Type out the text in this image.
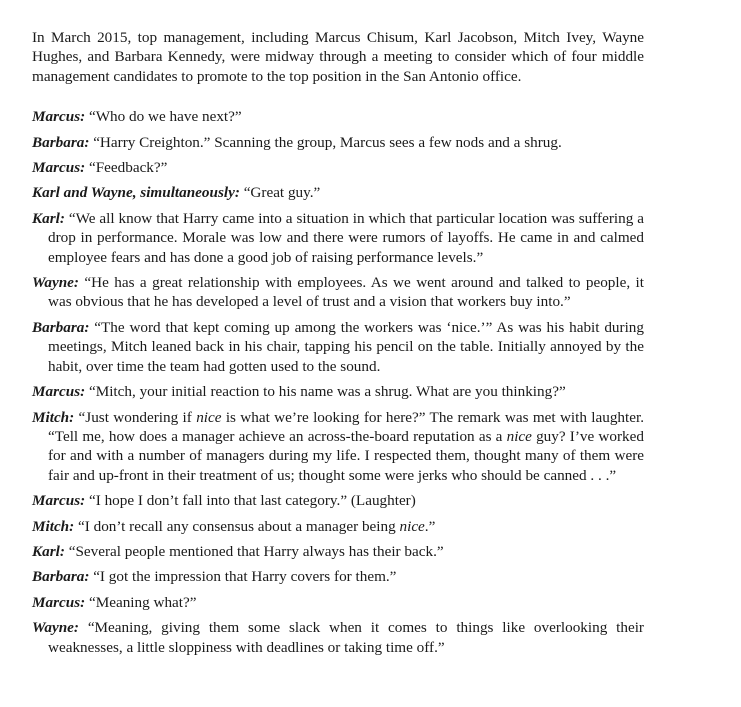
In March 2015, top management, including Marcus Chisum, Karl Jacobson, Mitch Ivey, Wayne Hughes, and Barbara Kennedy, were midway through a meeting to consider which of four middle management candidates to promote to the top position in the San Antonio office.

Marcus: “Who do we have next?”

Barbara: “Harry Creighton.” Scanning the group, Marcus sees a few nods and a shrug.

Marcus: “Feedback?”

Karl and Wayne, simultaneously: “Great guy.”

Karl: “We all know that Harry came into a situation in which that particular location was suffering a drop in performance. Morale was low and there were rumors of layoffs. He came in and calmed employee fears and has done a good job of raising performance levels.”

Wayne: “He has a great relationship with employees. As we went around and talked to people, it was obvious that he has developed a level of trust and a vision that workers buy into.”

Barbara: “The word that kept coming up among the workers was ‘nice.’” As was his habit during meetings, Mitch leaned back in his chair, tapping his pencil on the table. Initially annoyed by the habit, over time the team had gotten used to the sound.

Marcus: “Mitch, your initial reaction to his name was a shrug. What are you thinking?”

Mitch: “Just wondering if nice is what we’re looking for here?” The remark was met with laughter. “Tell me, how does a manager achieve an across-the-board reputation as a nice guy? I’ve worked for and with a number of managers during my life. I respected them, thought many of them were fair and up-front in their treatment of us; thought some were jerks who should be canned . . .”

Marcus: “I hope I don’t fall into that last category.” (Laughter)

Mitch: “I don’t recall any consensus about a manager being nice.”

Karl: “Several people mentioned that Harry always has their back.”

Barbara: “I got the impression that Harry covers for them.”

Marcus: “Meaning what?”

Wayne: “Meaning, giving them some slack when it comes to things like overlooking their weaknesses, a little sloppiness with deadlines or taking time off.”
